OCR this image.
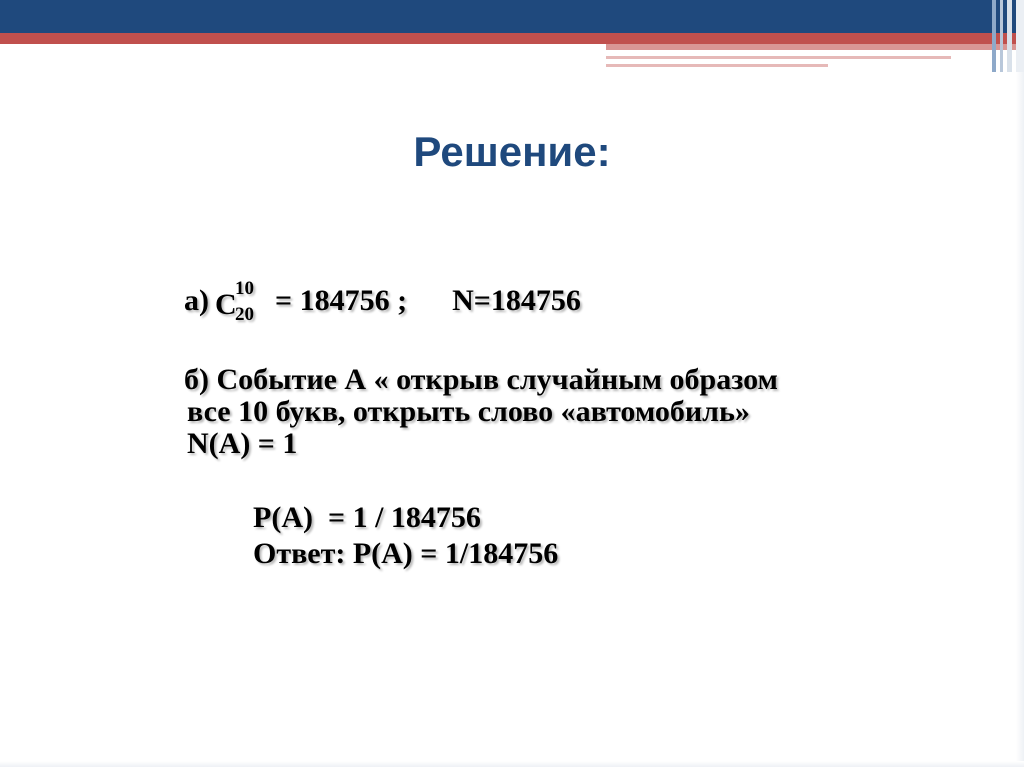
Решение:
а) C
10
20 = 184756 ;      N=184756
б) Событие А « открыв случайным образом
все 10 букв, открыть слово «автомобиль»
N(А) = 1
Р(А)  = 1 / 184756
Ответ: Р(А) = 1/184756
